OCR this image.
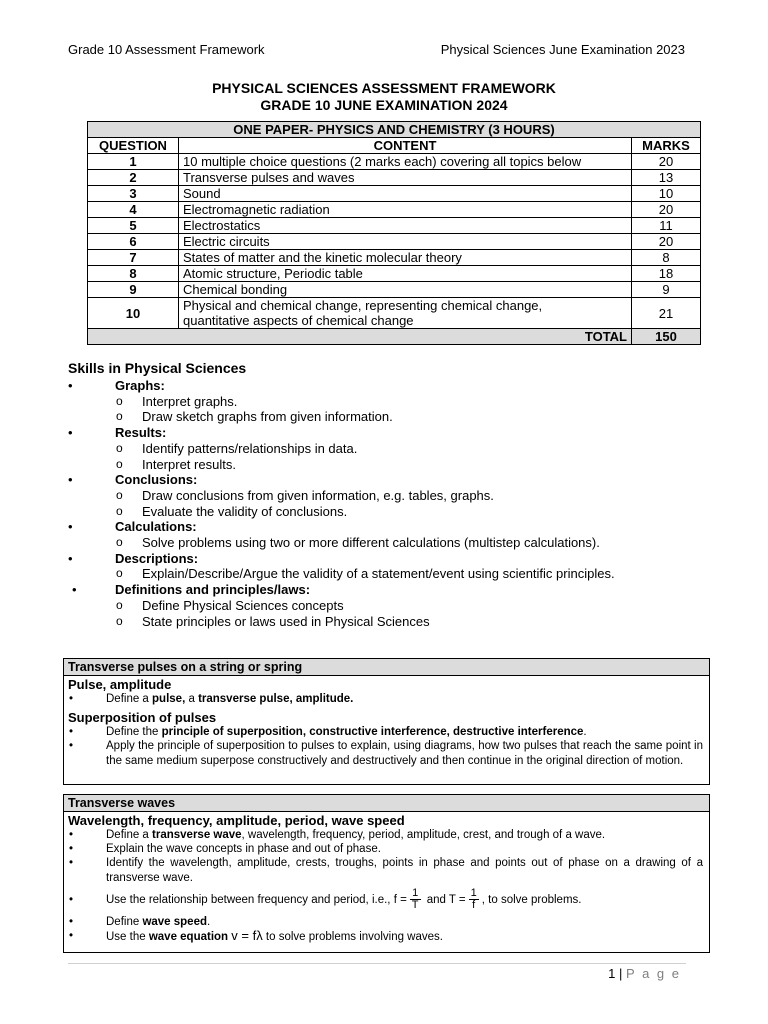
Grade 10 Assessment Framework	Physical Sciences June Examination 2023
PHYSICAL SCIENCES ASSESSMENT FRAMEWORK
GRADE 10 JUNE EXAMINATION 2024
ONE PAPER- PHYSICS AND CHEMISTRY (3 HOURS)		
QUESTION	CONTENT	MARKS
1	10 multiple choice questions (2 marks each) covering all topics below	20
2	Transverse pulses and waves	13
3	Sound	10
4	Electromagnetic radiation	20
5	Electrostatics	11
6	Electric circuits	20
7	States of matter and the kinetic molecular theory	8
8	Atomic structure, Periodic table	18
9	Chemical bonding	9
10	Physical and chemical change, representing chemical change,
quantitative aspects of chemical change	21
TOTAL		150
Skills in Physical Sciences
•	Graphs:
o Interpret graphs.
o Draw sketch graphs from given information.
•	Results:
o Identify patterns/relationships in data.
o Interpret results.
•	Conclusions:
o Draw conclusions from given information, e.g. tables, graphs.
o Evaluate the validity of conclusions.
•	Calculations:
o Solve problems using two or more different calculations (multistep calculations).
•	Descriptions:
o Explain/Describe/Argue the validity of a statement/event using scientific principles.
•	Definitions and principles/laws:
o Define Physical Sciences concepts
o State principles or laws used in Physical Sciences
Transverse pulses on a string or spring
Pulse, amplitude
•	Define a pulse, a transverse pulse, amplitude.
Superposition of pulses
•	Define the principle of superposition, constructive interference, destructive interference.
•	Apply the principle of superposition to pulses to explain, using diagrams, how two pulses that reach the same point in the same medium superpose constructively and destructively and then continue in the original direction of motion.
Transverse waves
Wavelength, frequency, amplitude, period, wave speed
•	Define a transverse wave, wavelength, frequency, period, amplitude, crest, and trough of a wave.
•	Explain the wave concepts in phase and out of phase.
•	Identify the wavelength, amplitude, crests, troughs, points in phase and points out of phase on a drawing of a transverse wave.
•	Use the relationship between frequency and period, i.e., $f = \frac{1}{T}$ and $T = \frac{1}{f}$ , to solve problems.
•	Define wave speed.
•	Use the wave equation v = fλ to solve problems involving waves.
1 | P a g e
